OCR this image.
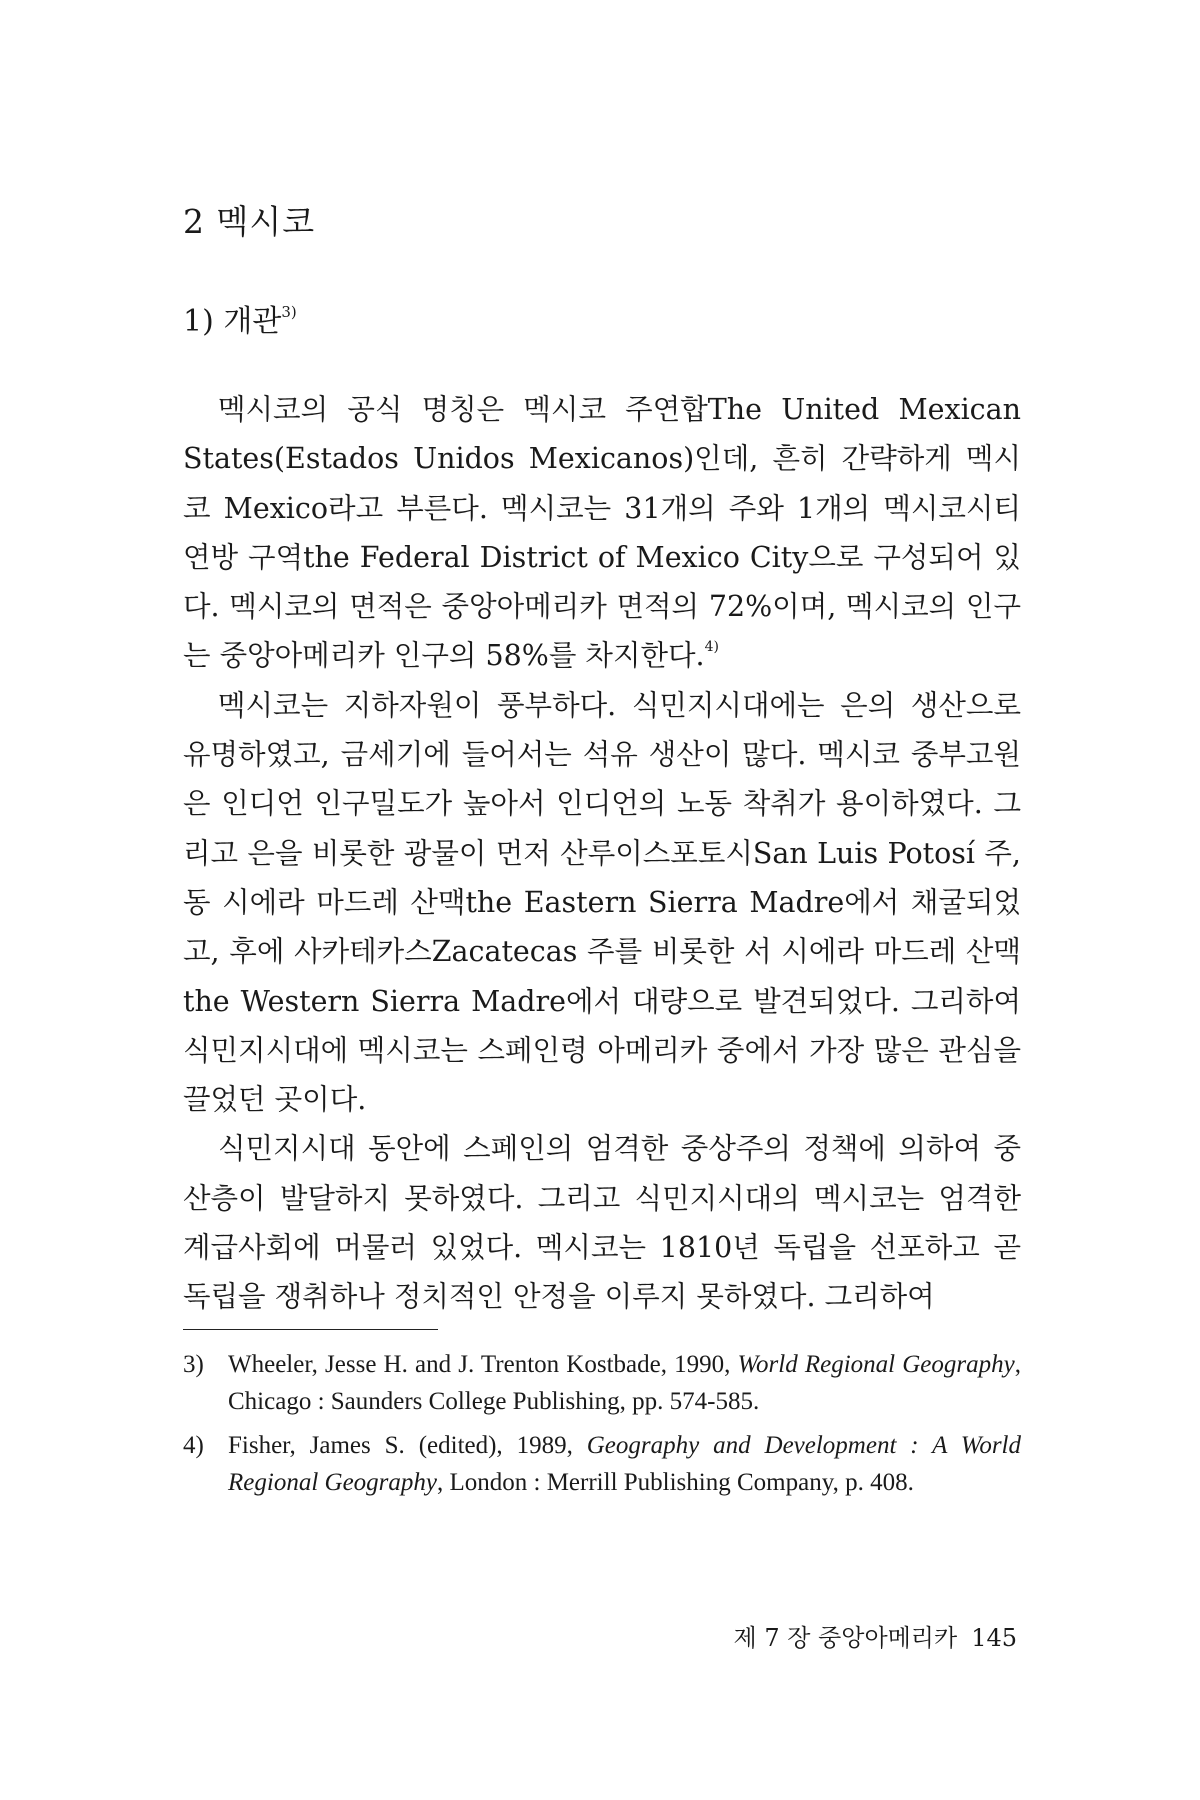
2 멕시코
1) 개관$^{3)}$

멕시코의 공식 명칭은 멕시코 주연합The United Mexican States(Estados Unidos Mexicanos)인데, 흔히 간략하게 멕시코 Mexico라고 부른다. 멕시코는 31개의 주와 1개의 멕시코시티 연방 구역the Federal District of Mexico City으로 구성되어 있다. 멕시코의 면적은 중앙아메리카 면적의 72%이며, 멕시코의 인구는 중앙아메리카 인구의 58%를 차지한다.$^{4)}$

멕시코는 지하자원이 풍부하다. 식민지시대에는 은의 생산으로 유명하였고, 금세기에 들어서는 석유 생산이 많다. 멕시코 중부고원은 인디언 인구밀도가 높아서 인디언의 노동 착취가 용이하였다. 그리고 은을 비롯한 광물이 먼저 산루이스포토시San Luis Potosí 주, 동 시에라 마드레 산맥the Eastern Sierra Madre에서 채굴되었고, 후에 사카테카스Zacatecas 주를 비롯한 서 시에라 마드레 산맥the Western Sierra Madre에서 대량으로 발견되었다. 그리하여 식민지시대에 멕시코는 스페인령 아메리카 중에서 가장 많은 관심을 끌었던 곳이다.

식민지시대 동안에 스페인의 엄격한 중상주의 정책에 의하여 중산층이 발달하지 못하였다. 그리고 식민지시대의 멕시코는 엄격한 계급사회에 머물러 있었다. 멕시코는 1810년 독립을 선포하고 곧 독립을 쟁취하나 정치적인 안정을 이루지 못하였다. 그리하여

3) Wheeler, Jesse H. and J. Trenton Kostbade, 1990, World Regional Geography, Chicago : Saunders College Publishing, pp. 574-585.

4) Fisher, James S. (edited), 1989, Geography and Development : A World Regional Geography, London : Merrill Publishing Company, p. 408.

제 7 장 중앙아메리카 145
